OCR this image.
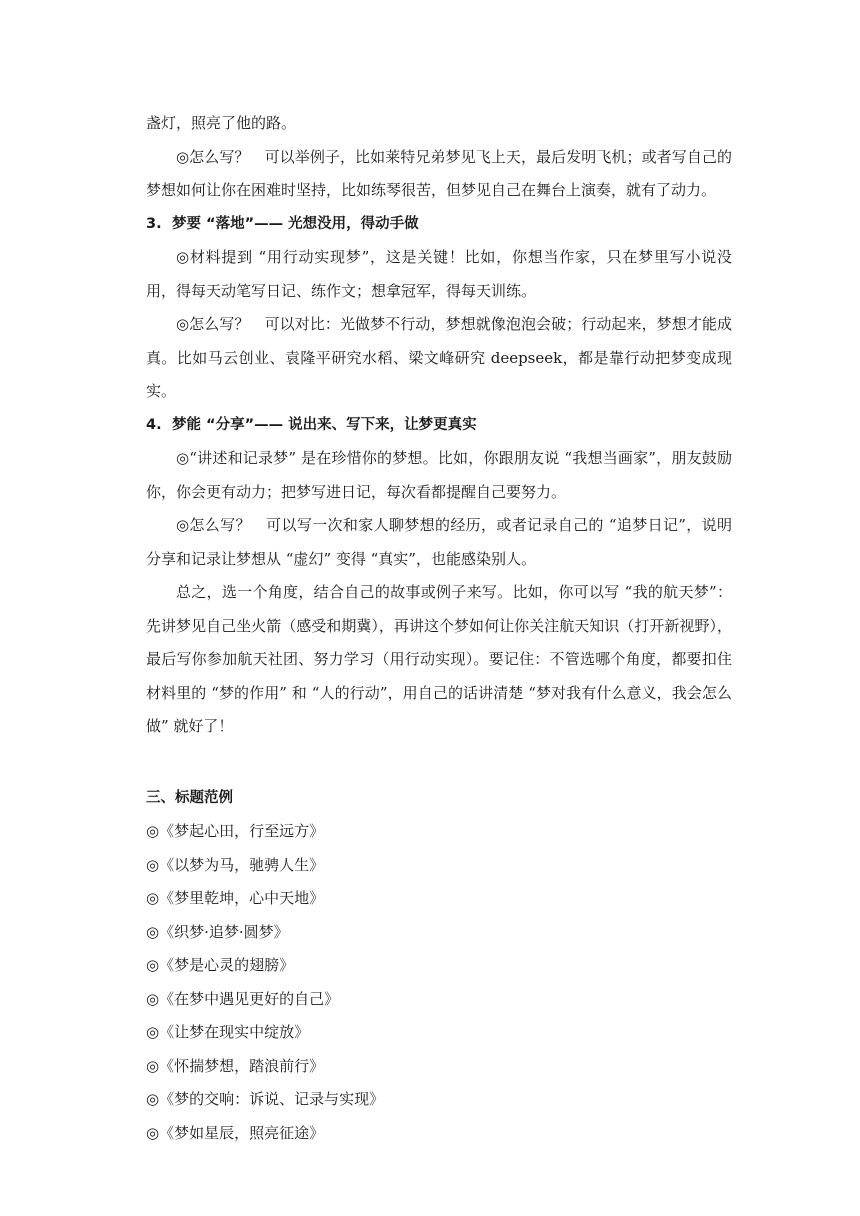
盏灯，照亮了他的路。

◎怎么写？　可以举例子，比如莱特兄弟梦见飞上天，最后发明飞机；或者写自己的梦想如何让你在困难时坚持，比如练琴很苦，但梦见自己在舞台上演奏，就有了动力。

3. 梦要 “落地”—— 光想没用，得动手做

◎材料提到 “用行动实现梦”，这是关键！比如，你想当作家，只在梦里写小说没用，得每天动笔写日记、练作文；想拿冠军，得每天训练。

◎怎么写？　可以对比：光做梦不行动，梦想就像泡泡会破；行动起来，梦想才能成真。比如马云创业、袁隆平研究水稻、梁文峰研究 deepseek，都是靠行动把梦变成现实。

4. 梦能 “分享”—— 说出来、写下来，让梦更真实

◎“讲述和记录梦” 是在珍惜你的梦想。比如，你跟朋友说 “我想当画家”，朋友鼓励你，你会更有动力；把梦写进日记，每次看都提醒自己要努力。

◎怎么写？　可以写一次和家人聊梦想的经历，或者记录自己的 “追梦日记”，说明分享和记录让梦想从 “虚幻” 变得 “真实”，也能感染别人。

总之，选一个角度，结合自己的故事或例子来写。比如，你可以写 “我的航天梦”：先讲梦见自己坐火箭（感受和期冀），再讲这个梦如何让你关注航天知识（打开新视野），最后写你参加航天社团、努力学习（用行动实现）。要记住：不管选哪个角度，都要扣住材料里的 “梦的作用” 和 “人的行动”，用自己的话讲清楚 “梦对我有什么意义，我会怎么做” 就好了！

三、标题范例

◎《梦起心田，行至远方》
◎《以梦为马，驰骋人生》
◎《梦里乾坤，心中天地》
◎《织梦·追梦·圆梦》
◎《梦是心灵的翅膀》
◎《在梦中遇见更好的自己》
◎《让梦在现实中绽放》
◎《怀揣梦想，踏浪前行》
◎《梦的交响：诉说、记录与实现》
◎《梦如星辰，照亮征途》
